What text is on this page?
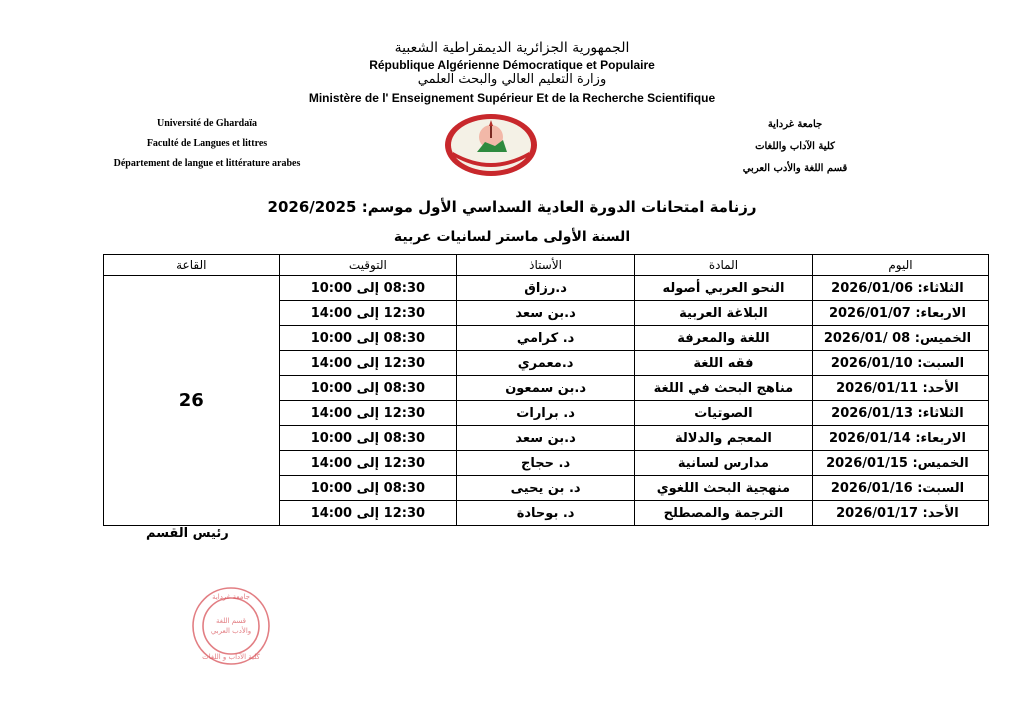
الجمهورية الجزائرية الديمقراطية الشعبية
République Algérienne Démocratique et Populaire
وزارة التعليم العالي والبحث العلمي
Ministère de l' Enseignement Supérieur Et de la Recherche Scientifique
Université de Ghardaïa
Faculté de Langues et littres
Département de langue et littérature arabes
جامعة غرداية
كلية الآداب واللغات
قسم اللغة والأدب العربي
رزنامة امتحانات الدورة العادية السداسي الأول موسم: 2026/2025
السنة الأولى ماستر لسانيات عربية
اليوم	المادة	الأستاذ	التوقيت	القاعة
الثلاثاء: 2026/01/06	النحو العربي أصوله	د.رزاق	08:30 إلى 10:00	26
الاربعاء: 2026/01/07	البلاغة العربية	د.بن سعد	12:30 إلى 14:00	
الخميس: 08 /2026/01	اللغة والمعرفة	د. كرامي	08:30 إلى 10:00	
السبت: 2026/01/10	فقه اللغة	د.معمري	12:30 إلى 14:00	
الأحد: 2026/01/11	مناهج البحث في اللغة	د.بن سمعون	08:30 إلى 10:00	
الثلاثاء: 2026/01/13	الصوتيات	د. برارات	12:30 إلى 14:00	
الاربعاء: 2026/01/14	المعجم والدلالة	د.بن سعد	08:30 إلى 10:00	
الخميس: 2026/01/15	مدارس لسانية	د. حجاج	12:30 إلى 14:00	
السبت: 2026/01/16	منهجية البحث اللغوي	د. بن يحيى	08:30 إلى 10:00	
الأحد: 2026/01/17	الترجمة والمصطلح	د. بوحادة	12:30 إلى 14:00	
رئيس القسم
جامعة غرداية
قسم اللغة
والأدب العربي
كلية الآداب و اللغات
